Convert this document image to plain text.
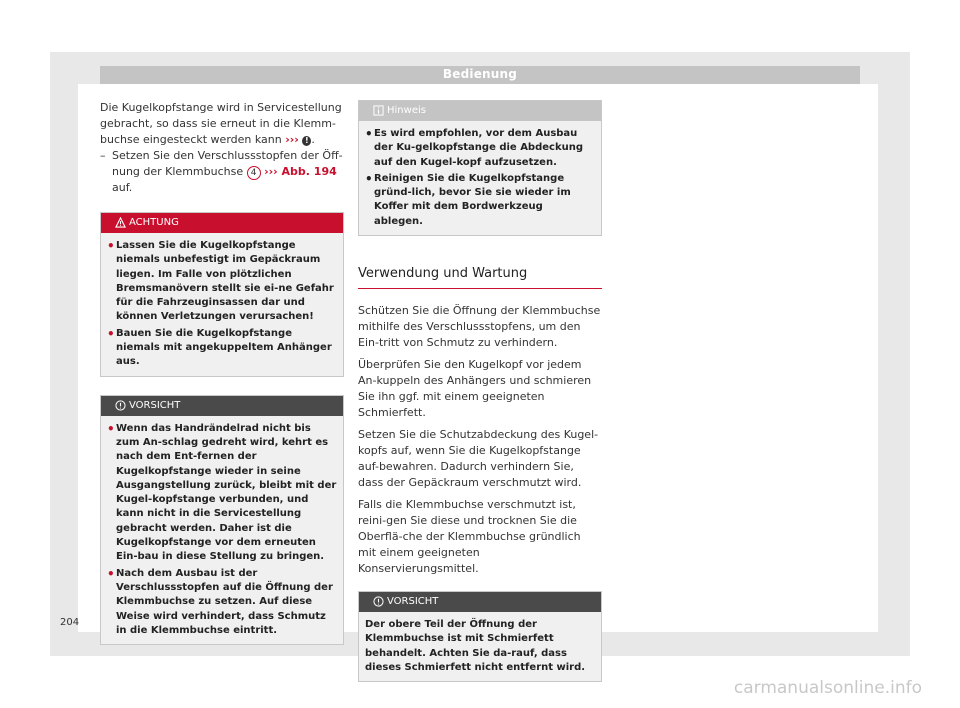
Bedienung

Die Kugelkopfstange wird in Servicestellung gebracht, so dass sie erneut in die Klemm-buchse eingesteckt werden kann ››› ! .

– Setzen Sie den Verschlussstopfen der Öff-nung der Klemmbuchse 4 ››› Abb. 194 auf.
ACHTUNG
• Lassen Sie die Kugelkopfstange niemals unbefestigt im Gepäckraum liegen. Im Falle von plötzlichen Bremsmanövern stellt sie ei-ne Gefahr für die Fahrzeuginsassen dar und können Verletzungen verursachen!
• Bauen Sie die Kugelkopfstange niemals mit angekuppeltem Anhänger aus.
VORSICHT
• Wenn das Handrändelrad nicht bis zum An-schlag gedreht wird, kehrt es nach dem Ent-fernen der Kugelkopfstange wieder in seine Ausgangstellung zurück, bleibt mit der Kugel-kopfstange verbunden, und kann nicht in die Servicestellung gebracht werden. Daher ist die Kugelkopfstange vor dem erneuten Ein-bau in diese Stellung zu bringen.
• Nach dem Ausbau ist der Verschlussstopfen auf die Öffnung der Klemmbuchse zu setzen. Auf diese Weise wird verhindert, dass Schmutz in die Klemmbuchse eintritt.
Hinweis
• Es wird empfohlen, vor dem Ausbau der Ku-gelkopfstange die Abdeckung auf den Kugel-kopf aufzusetzen.
• Reinigen Sie die Kugelkopfstange gründ-lich, bevor Sie sie wieder im Koffer mit dem Bordwerkzeug ablegen.
Verwendung und Wartung

Schützen Sie die Öffnung der Klemmbuchse mithilfe des Verschlussstopfens, um den Ein-tritt von Schmutz zu verhindern.

Überprüfen Sie den Kugelkopf vor jedem An-kuppeln des Anhängers und schmieren Sie ihn ggf. mit einem geeigneten Schmierfett.

Setzen Sie die Schutzabdeckung des Kugel-kopfs auf, wenn Sie die Kugelkopfstange auf-bewahren. Dadurch verhindern Sie, dass der Gepäckraum verschmutzt wird.

Falls die Klemmbuchse verschmutzt ist, reini-gen Sie diese und trocknen Sie die Oberflä-che der Klemmbuchse gründlich mit einem geeigneten Konservierungsmittel.

VORSICHT
Der obere Teil der Öffnung der Klemmbuchse ist mit Schmierfett behandelt. Achten Sie da-rauf, dass dieses Schmierfett nicht entfernt wird.
204
carmanualsonline.info
